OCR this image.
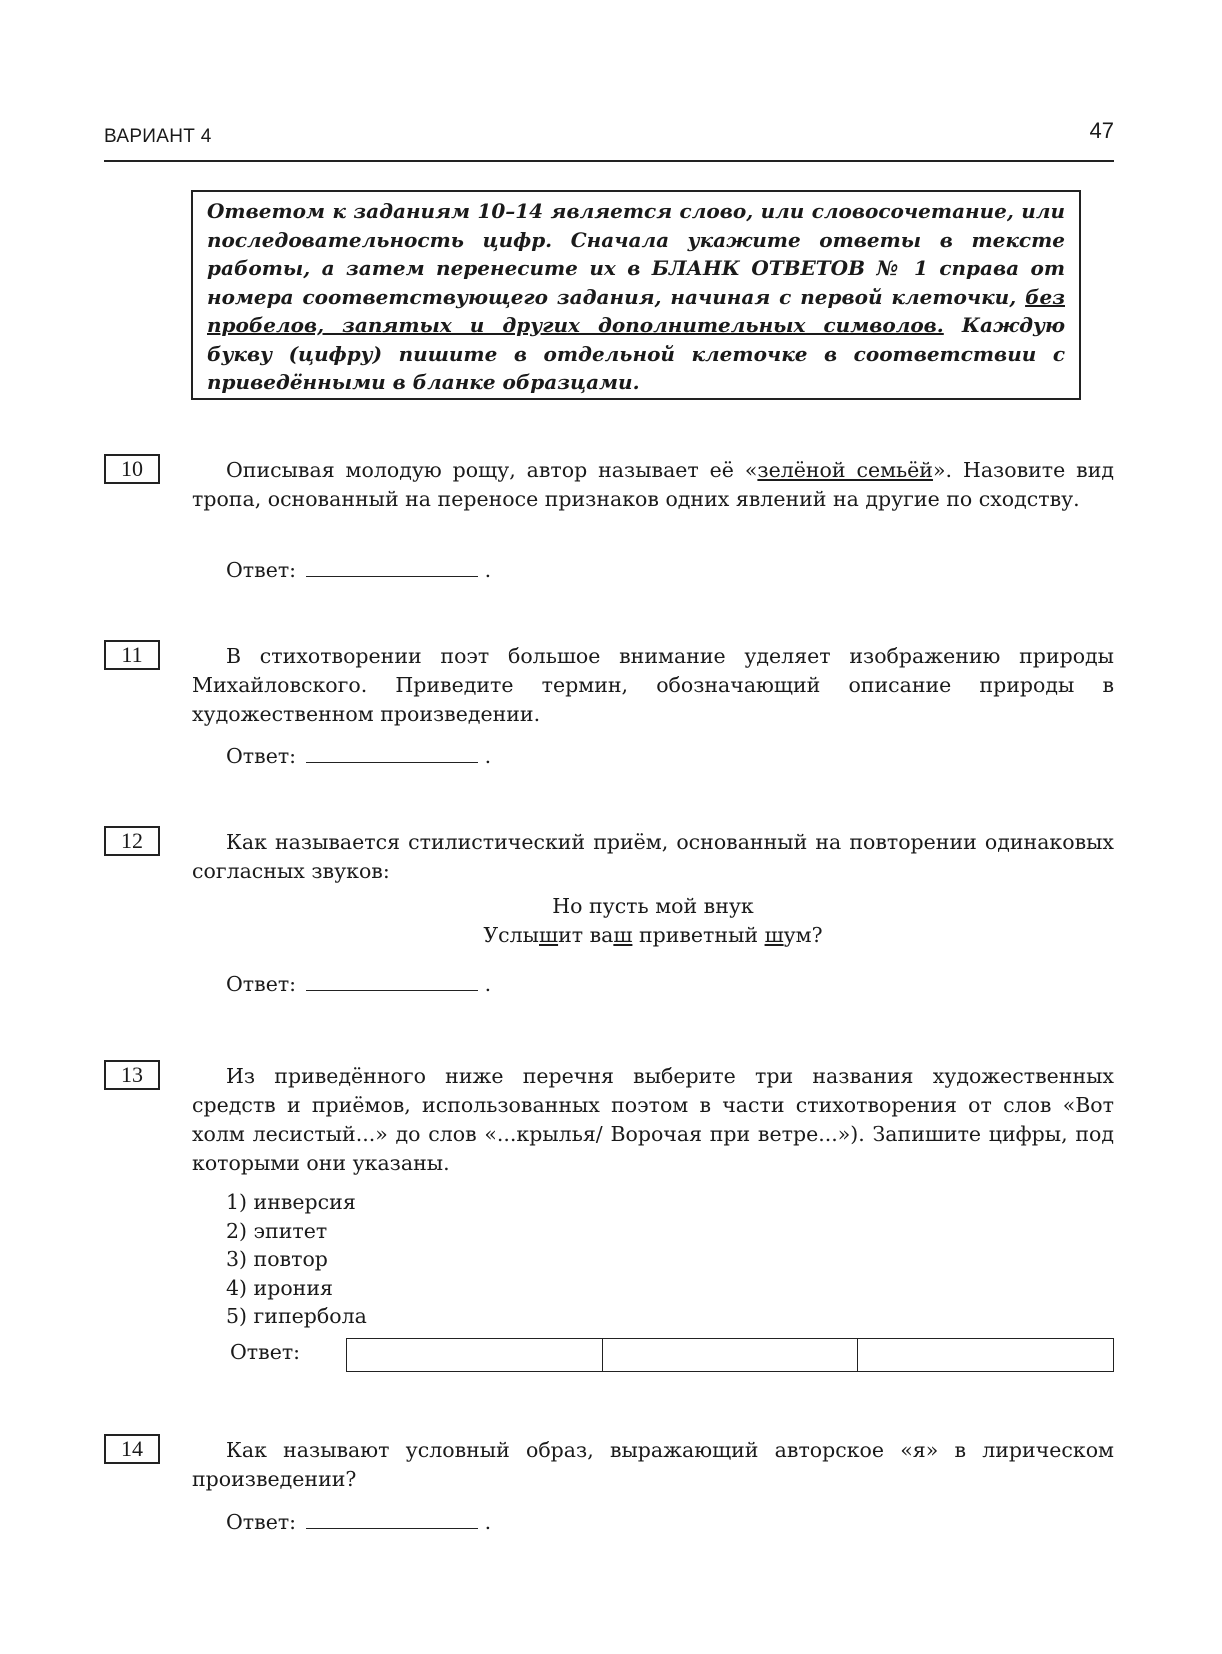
ВАРИАНТ 4	47
Ответом к заданиям 10–14 является слово, или словосочетание, или последовательность цифр. Сначала укажите ответы в тексте работы, а затем перенесите их в БЛАНК ОТВЕТОВ № 1 справа от номера соответствующего задания, начиная с первой клеточки, без пробелов, запятых и других дополнительных символов. Каждую букву (цифру) пишите в отдельной клеточке в соответствии с приведёнными в бланке образцами.
10	Описывая молодую рощу, автор называет её «зелёной семьёй». Назовите вид тропа, основанный на переносе признаков одних явлений на другие по сходству.
Ответ:	.
11	В стихотворении поэт большое внимание уделяет изображению природы Михайловского. Приведите термин, обозначающий описание природы в художественном произведении.
Ответ:	.
12	Как называется стилистический приём, основанный на повторении одинаковых согласных звуков:
Но пусть мой внук
Услышит ваш приветный шум?
Ответ:	.
13	Из приведённого ниже перечня выберите три названия художественных средств и приёмов, использованных поэтом в части стихотворения от слов «Вот холм лесистый...» до слов «...крылья/ Ворочая при ветре...»). Запишите цифры, под которыми они указаны.
1) инверсия
2) эпитет
3) повтор
4) ирония
5) гипербола
Ответ:
14	Как называют условный образ, выражающий авторское «я» в лирическом произведении?
Ответ:	.
